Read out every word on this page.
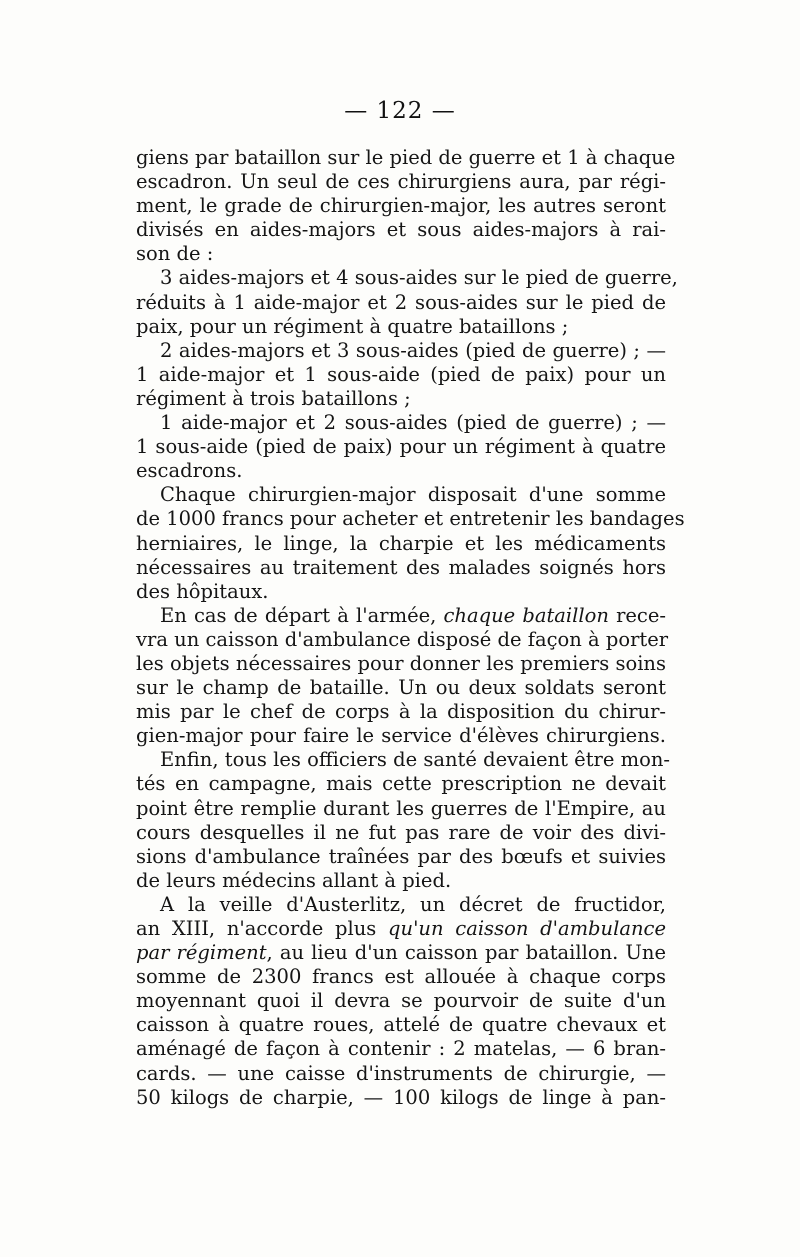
— 122 —
giens par bataillon sur le pied de guerre et 1 à chaque
escadron. Un seul de ces chirurgiens aura, par régi-
ment, le grade de chirurgien-major, les autres seront
divisés en aides-majors et sous aides-majors à rai-
son de :
3 aides-majors et 4 sous-aides sur le pied de guerre,
réduits à 1 aide-major et 2 sous-aides sur le pied de
paix, pour un régiment à quatre bataillons ;
2 aides-majors et 3 sous-aides (pied de guerre) ; —
1 aide-major et 1 sous-aide (pied de paix) pour un
régiment à trois bataillons ;
1 aide-major et 2 sous-aides (pied de guerre) ; —
1 sous-aide (pied de paix) pour un régiment à quatre
escadrons.
Chaque chirurgien-major disposait d'une somme
de 1000 francs pour acheter et entretenir les bandages
herniaires, le linge, la charpie et les médicaments
nécessaires au traitement des malades soignés hors
des hôpitaux.
En cas de départ à l'armée, chaque bataillon rece-
vra un caisson d'ambulance disposé de façon à porter
les objets nécessaires pour donner les premiers soins
sur le champ de bataille. Un ou deux soldats seront
mis par le chef de corps à la disposition du chirur-
gien-major pour faire le service d'élèves chirurgiens.
Enfin, tous les officiers de santé devaient être mon-
tés en campagne, mais cette prescription ne devait
point être remplie durant les guerres de l'Empire, au
cours desquelles il ne fut pas rare de voir des divi-
sions d'ambulance traînées par des bœufs et suivies
de leurs médecins allant à pied.
A la veille d'Austerlitz, un décret de fructidor,
an XIII, n'accorde plus qu'un caisson d'ambulance
par régiment, au lieu d'un caisson par bataillon. Une
somme de 2300 francs est allouée à chaque corps
moyennant quoi il devra se pourvoir de suite d'un
caisson à quatre roues, attelé de quatre chevaux et
aménagé de façon à contenir : 2 matelas, — 6 bran-
cards. — une caisse d'instruments de chirurgie, —
50 kilogs de charpie, — 100 kilogs de linge à pan-
